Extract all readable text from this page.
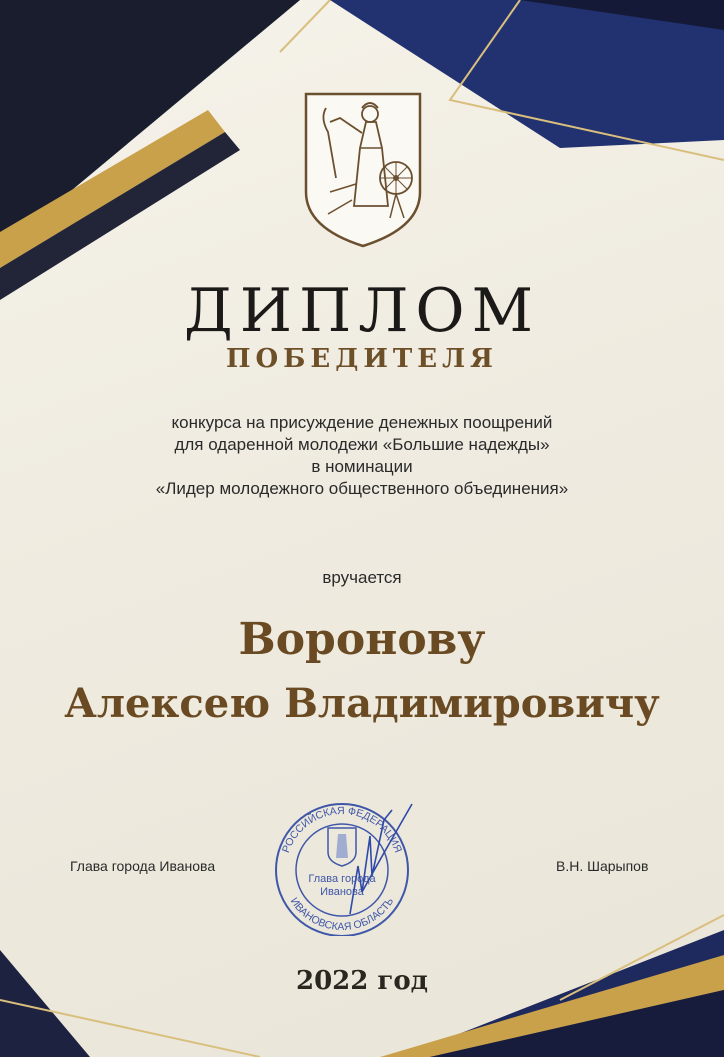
ДИПЛОМ
ПОБЕДИТЕЛЯ
конкурса на присуждение денежных поощрений
для одаренной молодежи «Большие надежды»
в номинации
«Лидер молодежного общественного объединения»
вручается
Воронову
Алексею Владимировичу
Глава города Иванова	В.Н. Шарыпов
РОССИЙСКАЯ ФЕДЕРАЦИЯ
ИВАНОВСКАЯ ОБЛАСТЬ
Глава города
Иванова
2022 год
